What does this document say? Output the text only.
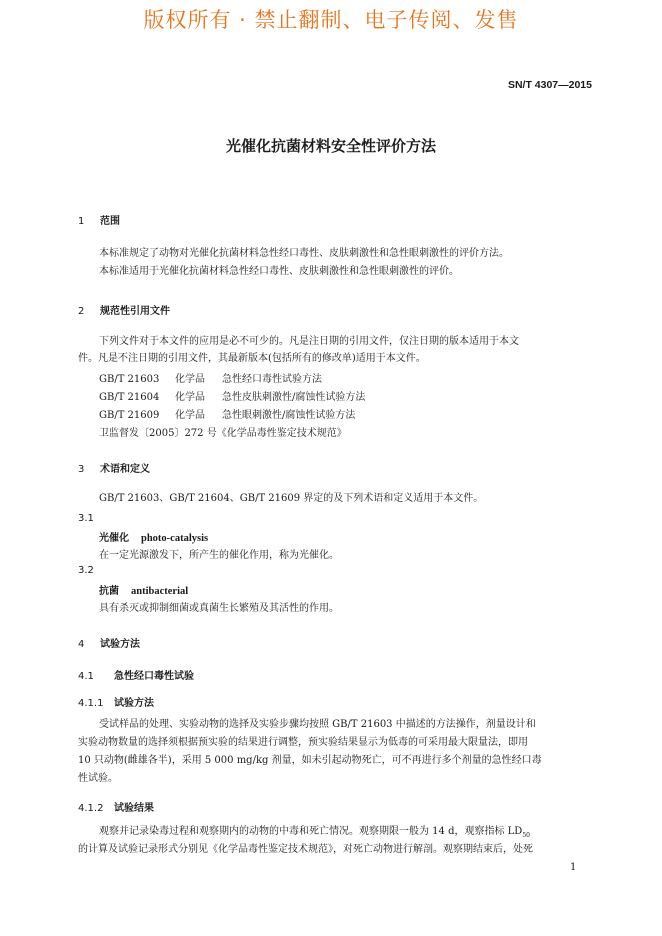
版权所有 · 禁止翻制、电子传阅、发售
SN/T 4307—2015
光催化抗菌材料安全性评价方法
1 范围
本标准规定了动物对光催化抗菌材料急性经口毒性、皮肤刺激性和急性眼刺激性的评价方法。
本标准适用于光催化抗菌材料急性经口毒性、皮肤刺激性和急性眼刺激性的评价。
2 规范性引用文件
下列文件对于本文件的应用是必不可少的。凡是注日期的引用文件，仅注日期的版本适用于本文
件。凡是不注日期的引用文件，其最新版本(包括所有的修改单)适用于本文件。
GB/T 21603 化学品 急性经口毒性试验方法
GB/T 21604 化学品 急性皮肤刺激性/腐蚀性试验方法
GB/T 21609 化学品 急性眼刺激性/腐蚀性试验方法
卫监督发〔2005〕272 号《化学品毒性鉴定技术规范》
3 术语和定义
GB/T 21603、GB/T 21604、GB/T 21609 界定的及下列术语和定义适用于本文件。
3.1
光催化 photo-catalysis
在一定光源激发下，所产生的催化作用，称为光催化。
3.2
抗菌 antibacterial
具有杀灭或抑制细菌或真菌生长繁殖及其活性的作用。
4 试验方法
4.1 急性经口毒性试验
4.1.1 试验方法
受试样品的处理、实验动物的选择及实验步骤均按照 GB/T 21603 中描述的方法操作，剂量设计和
实验动物数量的选择须根据预实验的结果进行调整，预实验结果显示为低毒的可采用最大限量法，即用
10 只动物(雌雄各半)，采用 5 000 mg/kg 剂量，如未引起动物死亡，可不再进行多个剂量的急性经口毒
性试验。
4.1.2 试验结果
观察并记录染毒过程和观察期内的动物的中毒和死亡情况。观察期限一般为 14 d，观察指标 $LD_{50}$
的计算及试验记录形式分别见《化学品毒性鉴定技术规范》，对死亡动物进行解剖。观察期结束后，处死
1
